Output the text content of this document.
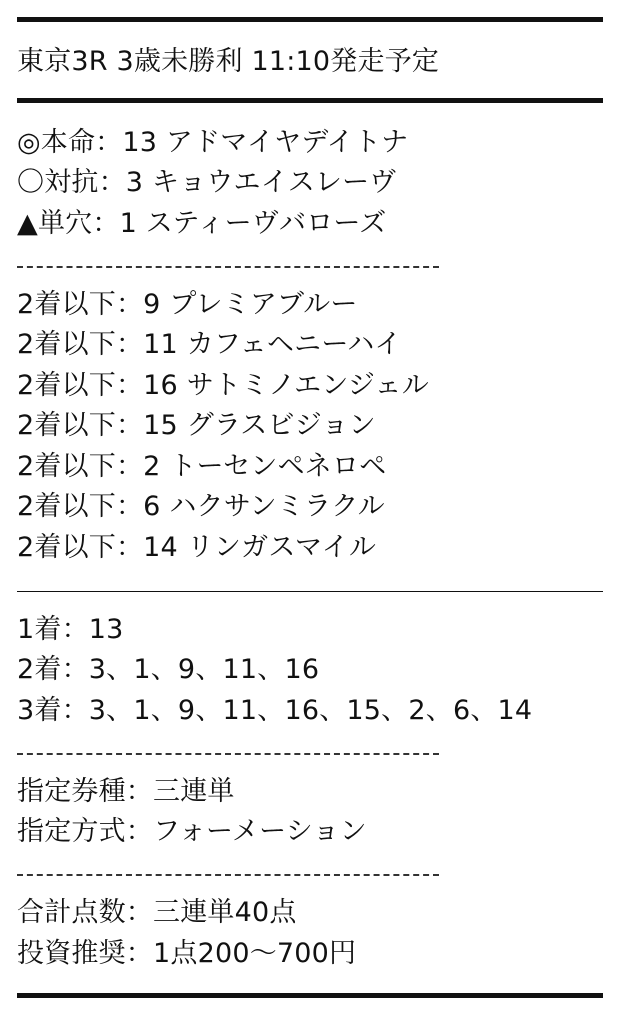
東京3R 3歳未勝利 11:10発走予定
◎本命：13 アドマイヤデイトナ
〇対抗：3 キョウエイスレーヴ
▲単穴：1 スティーヴバローズ
2着以下：9 プレミアブルー
2着以下：11 カフェヘニーハイ
2着以下：16 サトミノエンジェル
2着以下：15 グラスビジョン
2着以下：2 トーセンペネロペ
2着以下：6 ハクサンミラクル
2着以下：14 リンガスマイル
1着：13
2着：3、1、9、11、16
3着：3、1、9、11、16、15、2、6、14
指定券種：三連単
指定方式：フォーメーション
合計点数：三連単40点
投資推奨：1点200〜700円
